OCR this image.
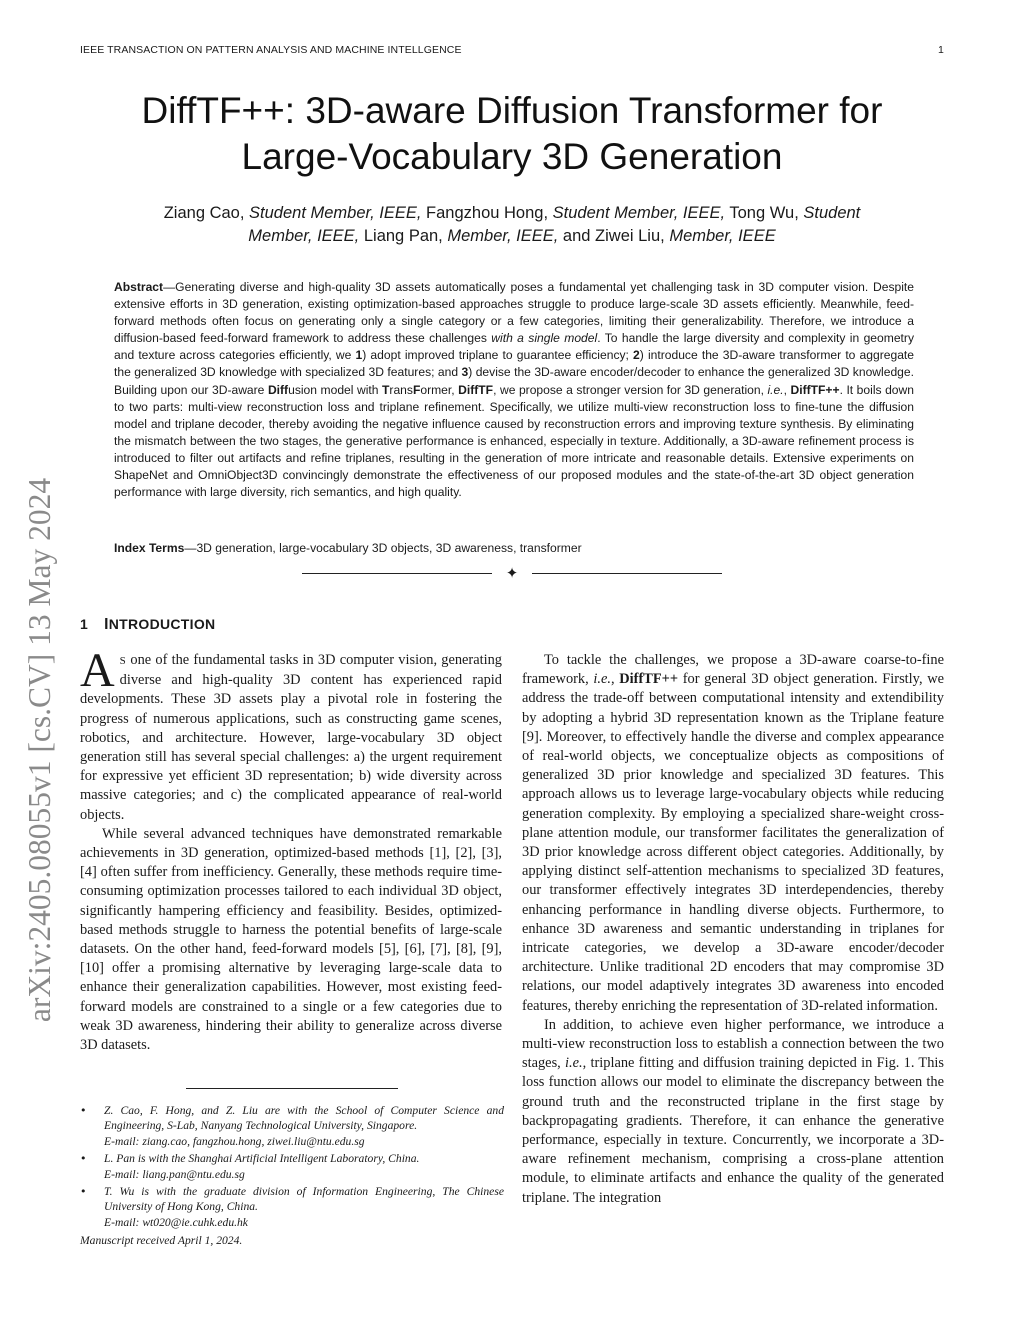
IEEE TRANSACTION ON PATTERN ANALYSIS AND MACHINE INTELLGENCE	1
arXiv:2405.08055v1 [cs.CV] 13 May 2024
DiffTF++: 3D-aware Diffusion Transformer for
Large-Vocabulary 3D Generation
Ziang Cao, Student Member, IEEE, Fangzhou Hong, Student Member, IEEE, Tong Wu, Student
Member, IEEE, Liang Pan, Member, IEEE, and Ziwei Liu, Member, IEEE
Abstract—Generating diverse and high-quality 3D assets automatically poses a fundamental yet challenging task in 3D computer vision. Despite extensive efforts in 3D generation, existing optimization-based approaches struggle to produce large-scale 3D assets efficiently. Meanwhile, feed-forward methods often focus on generating only a single category or a few categories, limiting their generalizability. Therefore, we introduce a diffusion-based feed-forward framework to address these challenges with a single model. To handle the large diversity and complexity in geometry and texture across categories efficiently, we 1) adopt improved triplane to guarantee efficiency; 2) introduce the 3D-aware transformer to aggregate the generalized 3D knowledge with specialized 3D features; and 3) devise the 3D-aware encoder/decoder to enhance the generalized 3D knowledge. Building upon our 3D-aware Diffusion model with TransFormer, DiffTF, we propose a stronger version for 3D generation, i.e., DiffTF++. It boils down to two parts: multi-view reconstruction loss and triplane refinement. Specifically, we utilize multi-view reconstruction loss to fine-tune the diffusion model and triplane decoder, thereby avoiding the negative influence caused by reconstruction errors and improving texture synthesis. By eliminating the mismatch between the two stages, the generative performance is enhanced, especially in texture. Additionally, a 3D-aware refinement process is introduced to filter out artifacts and refine triplanes, resulting in the generation of more intricate and reasonable details. Extensive experiments on ShapeNet and OmniObject3D convincingly demonstrate the effectiveness of our proposed modules and the state-of-the-art 3D object generation performance with large diversity, rich semantics, and high quality.
Index Terms—3D generation, large-vocabulary 3D objects, 3D awareness, transformer
✦
1 INTRODUCTION

A S one of the fundamental tasks in 3D computer vision, generating diverse and high-quality 3D content has experienced rapid developments. These 3D assets play a pivotal role in fostering the progress of numerous applications, such as constructing game scenes, robotics, and architecture. However, large-vocabulary 3D object generation still has several special challenges: a) the urgent requirement for expressive yet efficient 3D representation; b) wide diversity across massive categories; and c) the complicated appearance of real-world objects.

While several advanced techniques have demonstrated remarkable achievements in 3D generation, optimized-based methods [1], [2], [3], [4] often suffer from inefficiency. Generally, these methods require time-consuming optimization processes tailored to each individual 3D object, significantly hampering efficiency and feasibility. Besides, optimized-based methods struggle to harness the potential benefits of large-scale datasets. On the other hand, feed-forward models [5], [6], [7], [8], [9], [10] offer a promising alternative by leveraging large-scale data to enhance their generalization capabilities. However, most existing feed-forward models are constrained to a single or a few categories due to weak 3D awareness, hindering their ability to generalize across diverse 3D datasets.

• Z. Cao, F. Hong, and Z. Liu are with the School of Computer Science and Engineering, S-Lab, Nanyang Technological University, Singapore.
E-mail: ziang.cao, fangzhou.hong, ziwei.liu@ntu.edu.sg
• L. Pan is with the Shanghai Artificial Intelligent Laboratory, China.
E-mail: liang.pan@ntu.edu.sg
• T. Wu is with the graduate division of Information Engineering, The Chinese University of Hong Kong, China.
E-mail: wt020@ie.cuhk.edu.hk
Manuscript received April 1, 2024.

To tackle the challenges, we propose a 3D-aware coarse-to-fine framework, i.e., DiffTF++ for general 3D object generation. Firstly, we address the trade-off between computational intensity and extendibility by adopting a hybrid 3D representation known as the Triplane feature [9]. Moreover, to effectively handle the diverse and complex appearance of real-world objects, we conceptualize objects as compositions of generalized 3D prior knowledge and specialized 3D features. This approach allows us to leverage large-vocabulary objects while reducing generation complexity. By employing a specialized share-weight cross-plane attention module, our transformer facilitates the generalization of 3D prior knowledge across different object categories. Additionally, by applying distinct self-attention mechanisms to specialized 3D features, our transformer effectively integrates 3D interdependencies, thereby enhancing performance in handling diverse objects. Furthermore, to enhance 3D awareness and semantic understanding in triplanes for intricate categories, we develop a 3D-aware encoder/decoder architecture. Unlike traditional 2D encoders that may compromise 3D relations, our model adaptively integrates 3D awareness into encoded features, thereby enriching the representation of 3D-related information.

In addition, to achieve even higher performance, we introduce a multi-view reconstruction loss to establish a connection between the two stages, i.e., triplane fitting and diffusion training depicted in Fig. 1. This loss function allows our model to eliminate the discrepancy between the ground truth and the reconstructed triplane in the first stage by backpropagating gradients. Therefore, it can enhance the generative performance, especially in texture. Concurrently, we incorporate a 3D-aware refinement mechanism, comprising a cross-plane attention module, to eliminate artifacts and enhance the quality of the generated triplane. The integration
